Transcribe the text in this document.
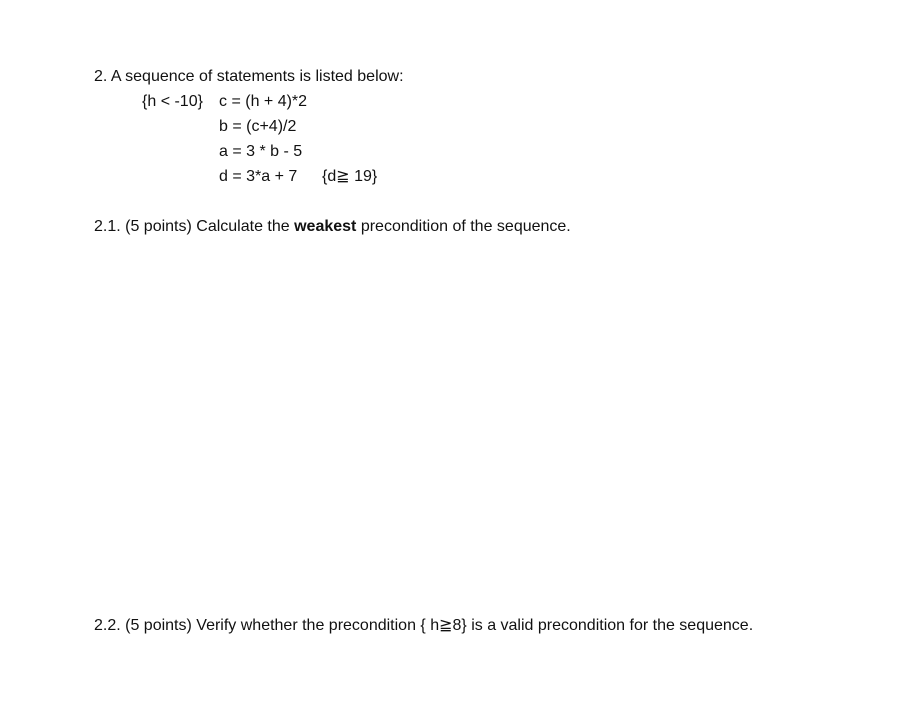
2. A sequence of statements is listed below:

{h < -10} c = (h + 4)*2

b = (c+4)/2

a = 3 * b - 5

d = 3*a + 7 {d≧ 19}

2.1. (5 points) Calculate the weakest precondition of the sequence.

2.2. (5 points) Verify whether the precondition { h≧8} is a valid precondition for the sequence.
